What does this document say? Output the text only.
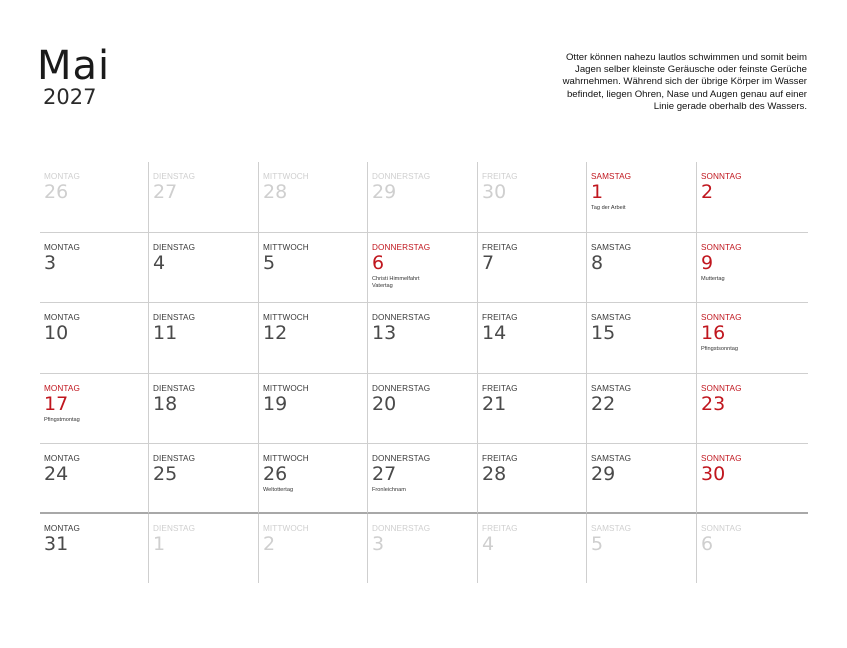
Mai
2027
Otter können nahezu lautlos schwimmen und somit beim Jagen selber kleinste Geräusche oder feinste Gerüche wahrnehmen. Während sich der übrige Körper im Wasser befindet, liegen Ohren, Nase und Augen genau auf einer Linie gerade oberhalb des Wassers.
MONTAG
26
DIENSTAG
27
MITTWOCH
28
DONNERSTAG
29
FREITAG
30
SAMSTAG
1
Tag der Arbeit
SONNTAG
2
MONTAG
3
DIENSTAG
4
MITTWOCH
5
DONNERSTAG
6
Christi Himmelfahrt
Vatertag
FREITAG
7
SAMSTAG
8
SONNTAG
9
Muttertag
MONTAG
10
DIENSTAG
11
MITTWOCH
12
DONNERSTAG
13
FREITAG
14
SAMSTAG
15
SONNTAG
16
Pfingstsonntag
MONTAG
17
Pfingstmontag
DIENSTAG
18
MITTWOCH
19
DONNERSTAG
20
FREITAG
21
SAMSTAG
22
SONNTAG
23
MONTAG
24
DIENSTAG
25
MITTWOCH
26
Weltottertag
DONNERSTAG
27
Fronleichnam
FREITAG
28
SAMSTAG
29
SONNTAG
30
MONTAG
31
DIENSTAG
1
MITTWOCH
2
DONNERSTAG
3
FREITAG
4
SAMSTAG
5
SONNTAG
6
